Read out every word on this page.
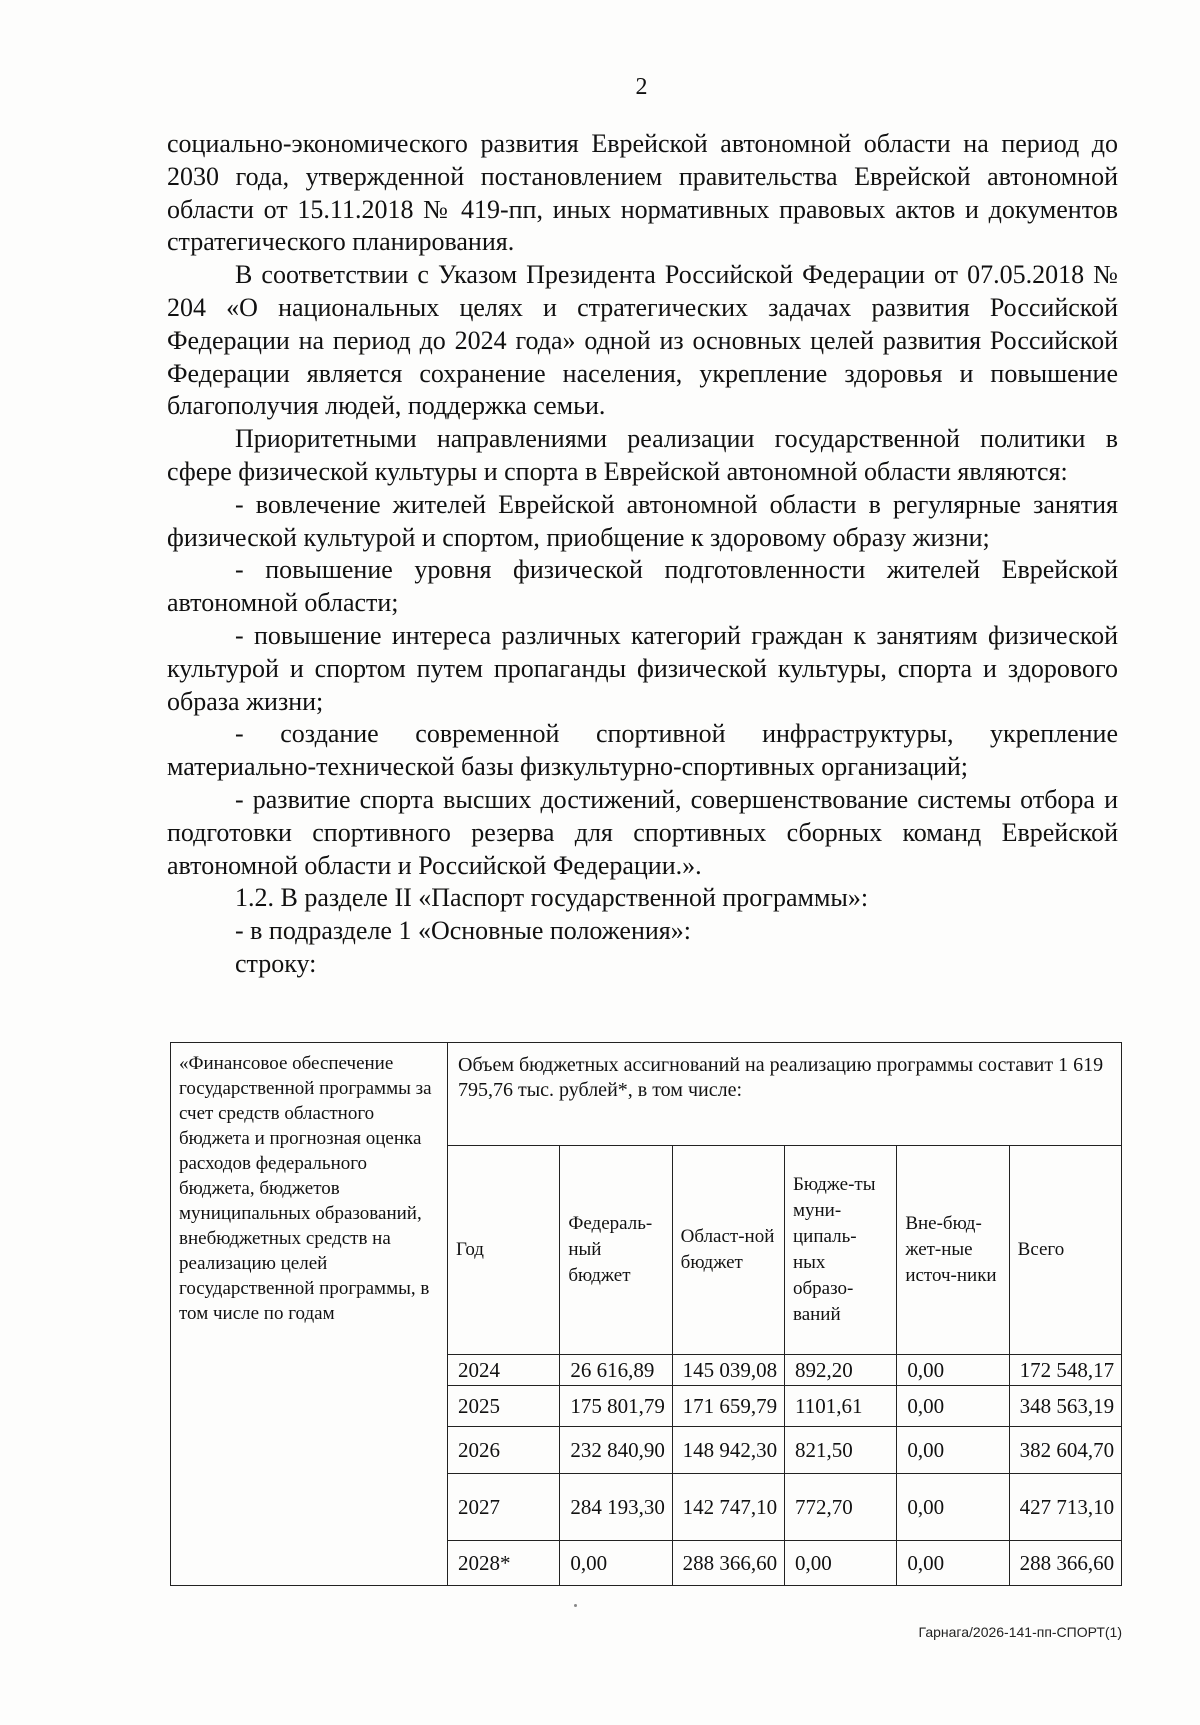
2

социально-экономического развития Еврейской автономной области на период до 2030 года, утвержденной постановлением правительства Еврейской автономной области от 15.11.2018 № 419-пп, иных нормативных правовых актов и документов стратегического планирования.

В соответствии с Указом Президента Российской Федерации от 07.05.2018 № 204 «О национальных целях и стратегических задачах развития Российской Федерации на период до 2024 года» одной из основных целей развития Российской Федерации является сохранение населения, укрепление здоровья и повышение благополучия людей, поддержка семьи.

Приоритетными направлениями реализации государственной политики в сфере физической культуры и спорта в Еврейской автономной области являются:

- вовлечение жителей Еврейской автономной области в регулярные занятия физической культурой и спортом, приобщение к здоровому образу жизни;

- повышение уровня физической подготовленности жителей Еврейской автономной области;

- повышение интереса различных категорий граждан к занятиям физической культурой и спортом путем пропаганды физической культуры, спорта и здорового образа жизни;

- создание современной спортивной инфраструктуры, укрепление материально-технической базы физкультурно-спортивных организаций;

- развитие спорта высших достижений, совершенствование системы отбора и подготовки спортивного резерва для спортивных сборных команд Еврейской автономной области и Российской Федерации.».

1.2. В разделе II «Паспорт государственной программы»:

- в подразделе 1 «Основные положения»:

строку:

«Финансовое обеспечение государственной программы за счет средств областного бюджета и прогнозная оценка расходов федерального бюджета, бюджетов муниципальных образований, внебюджетных средств на реализацию целей государственной программы, в том числе по годам	Объем бюджетных ассигнований на реализацию программы составит 1 619 795,76 тыс. рублей*, в том числе:					
	Год	Федераль-ный бюджет	Област-ной бюджет	Бюдже-ты муни-ципаль-ных образо-ваний	Вне-бюд-жет-ные источ-ники	Всего
	2024	26 616,89	145 039,08	892,20	0,00	172 548,17
	2025	175 801,79	171 659,79	1101,61	0,00	348 563,19
	2026	232 840,90	148 942,30	821,50	0,00	382 604,70
	2027	284 193,30	142 747,10	772,70	0,00	427 713,10
	2028*	0,00	288 366,60	0,00	0,00	288 366,60
Гарнага/2026-141-пп-СПОРТ(1)
